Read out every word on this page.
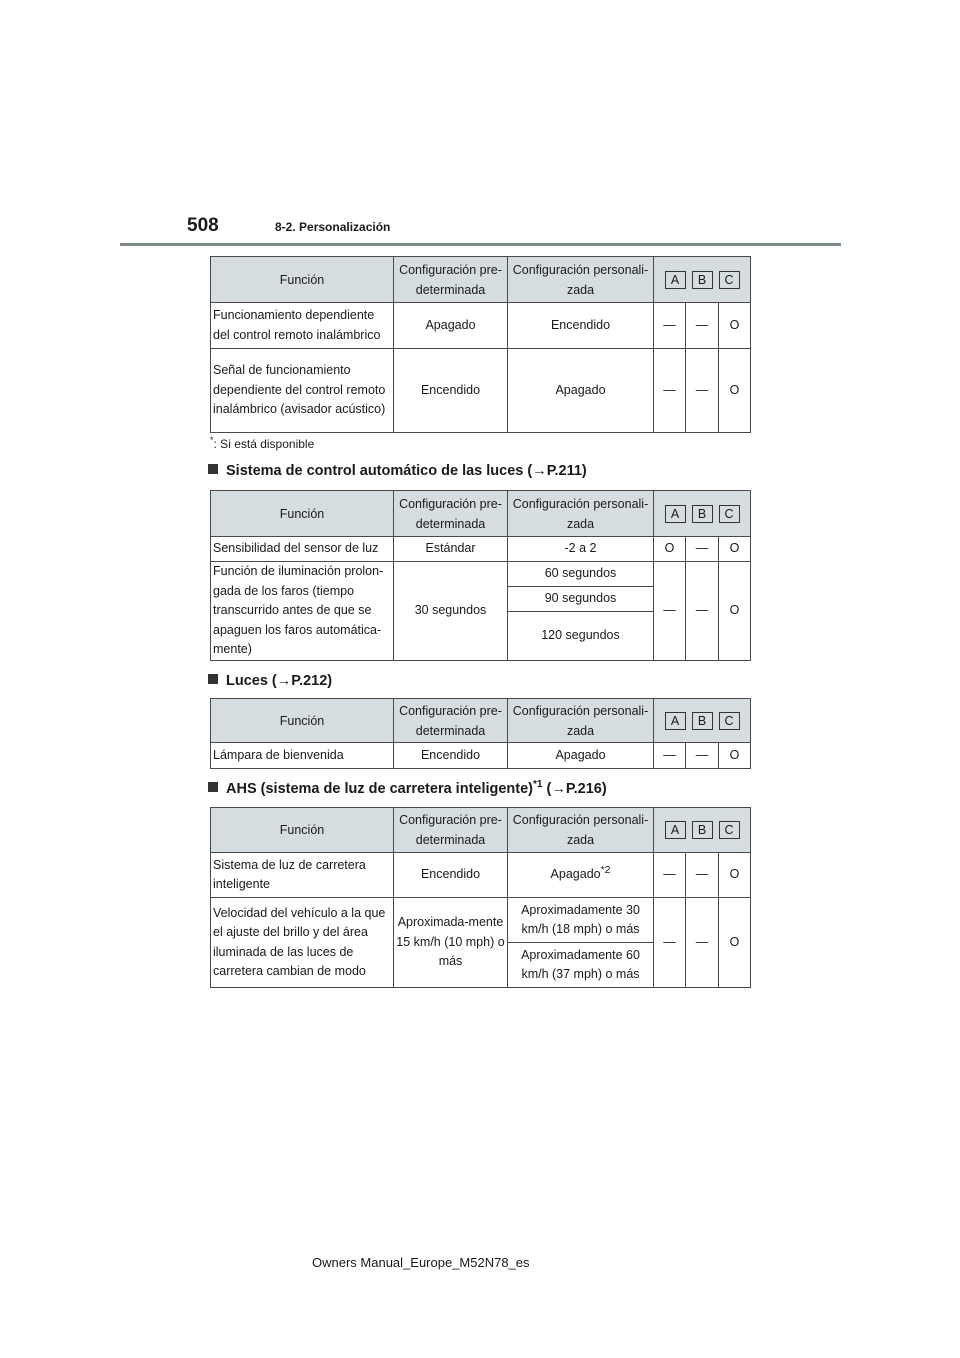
508	8-2. Personalización
Función	Configuración pre-determinada	Configuración personali-zada	A B C		

Funcionamiento dependiente del control remoto inalámbrico	Apagado	Encendido	—	—	O
Señal de funcionamiento dependiente del control remoto inalámbrico (avisador acústico)	Encendido	Apagado	—	—	O
*: Si está disponible
Sistema de control automático de las luces (→P.211)
Función	Configuración pre-determinada	Configuración personali-zada	A B C		

Sensibilidad del sensor de luz	Estándar	-2 a 2	O	—	O
Función de iluminación prolon-gada de los faros (tiempo transcurrido antes de que se apaguen los faros automática-mente)	30 segundos	60 segundos	—	—	O
		90 segundos			
		120 segundos			
Luces (→P.212)
Función	Configuración pre-determinada	Configuración personali-zada	A B C		

Lámpara de bienvenida	Encendido	Apagado	—	—	O
AHS (sistema de luz de carretera inteligente)$^{*1}$ (→P.216)
Función	Configuración pre-determinada	Configuración personali-zada	A B C		

Sistema de luz de carretera inteligente	Encendido	Apagado$^{*2}$	—	—	O
Velocidad del vehículo a la que el ajuste del brillo y del área iluminada de las luces de carretera cambian de modo	Aproximada-mente 15 km/h (10 mph) o más	Aproximadamente 30 km/h (18 mph) o más	—	—	O
		Aproximadamente 60 km/h (37 mph) o más			
Owners Manual_Europe_M52N78_es
